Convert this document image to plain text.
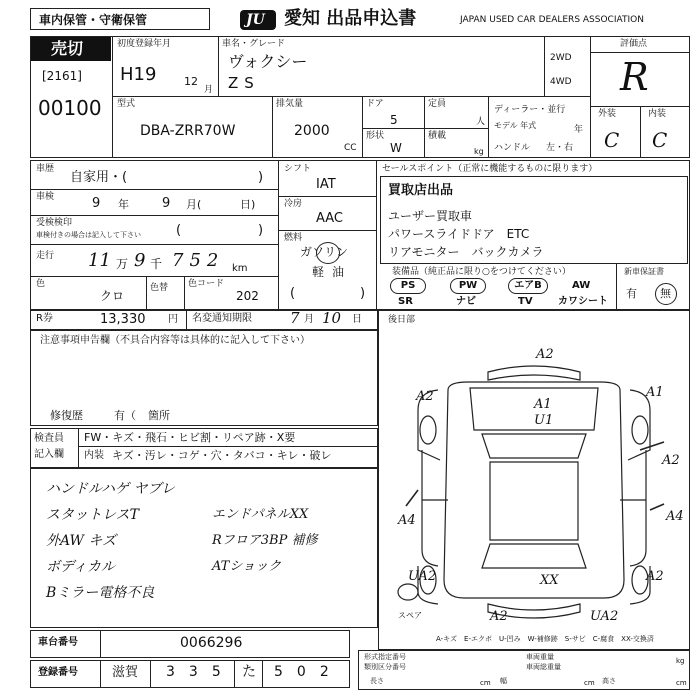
車内保管・守衛保管	JU 愛知 出品申込書	JAPAN USED CAR DEALERS ASSOCIATION
売切
[2161]
00100
初度登録年月
H19	12
月
車名・グレード
ヴォクシー
ZS
2WD
4WD
評価点
R
外装	内装
C C
型式
DBA-ZRR70W
排気量
2000
CC
ドア
5
形状
W
定員
人
積載
kg
ディーラー・並行
モデル 年式	年
ハンドル 左・右
車歴
自家用・(	)
車検	9 年	9 月(	日)
受検検印
車検付きの場合は記入して下さい	(	)
走行 11 万 9 千 752 km
色
クロ
色替 色コード
202
シフト
IAT
冷房
AAC
燃料
ガソリン
軽油
(	)
セールスポイント（正常に機能するものに限ります）
買取店出品
ユーザー買取車
パワースライドドア　ETC
リアモニター　バックカメラ
装備品（純正品に限り○をつけてください）
PS	PW	エアB	AW
SR	ナビ	TV	カワシート
新車保証書
有 無
R券	13,330 円 名変通知期限	7 月 10 日	後日部
注意事項申告欄（不具合内容等は具体的に記入して下さい）
修復歴	有（ 箇所
検査員
記入欄
FW・キズ・飛石・ヒビ割・リペア跡・X要
内装 キズ・汚レ・コゲ・穴・タバコ・キレ・破レ
ハンドルハゲ ヤブレ
スタットレスT	エンドパネルXX
外AW キズ	Rフロア3BP 補修
ボディカル	ATショック
Bミラー電格不良
A2
A1
U1
A2	A1
A2
A4	A4
UA2	XX	A2
A2	UA2
スペア
A-キズ　E-エクボ　U-凹み　W-補修跡　S-サビ　C-腐食　XX-交換済
車台番号	0066296
登録番号	滋賀 335 た 502
形式指定番号
類別区分番号
長さ	cm 幅	cm 高さ	cm
車両重量
車両総重量
kg
